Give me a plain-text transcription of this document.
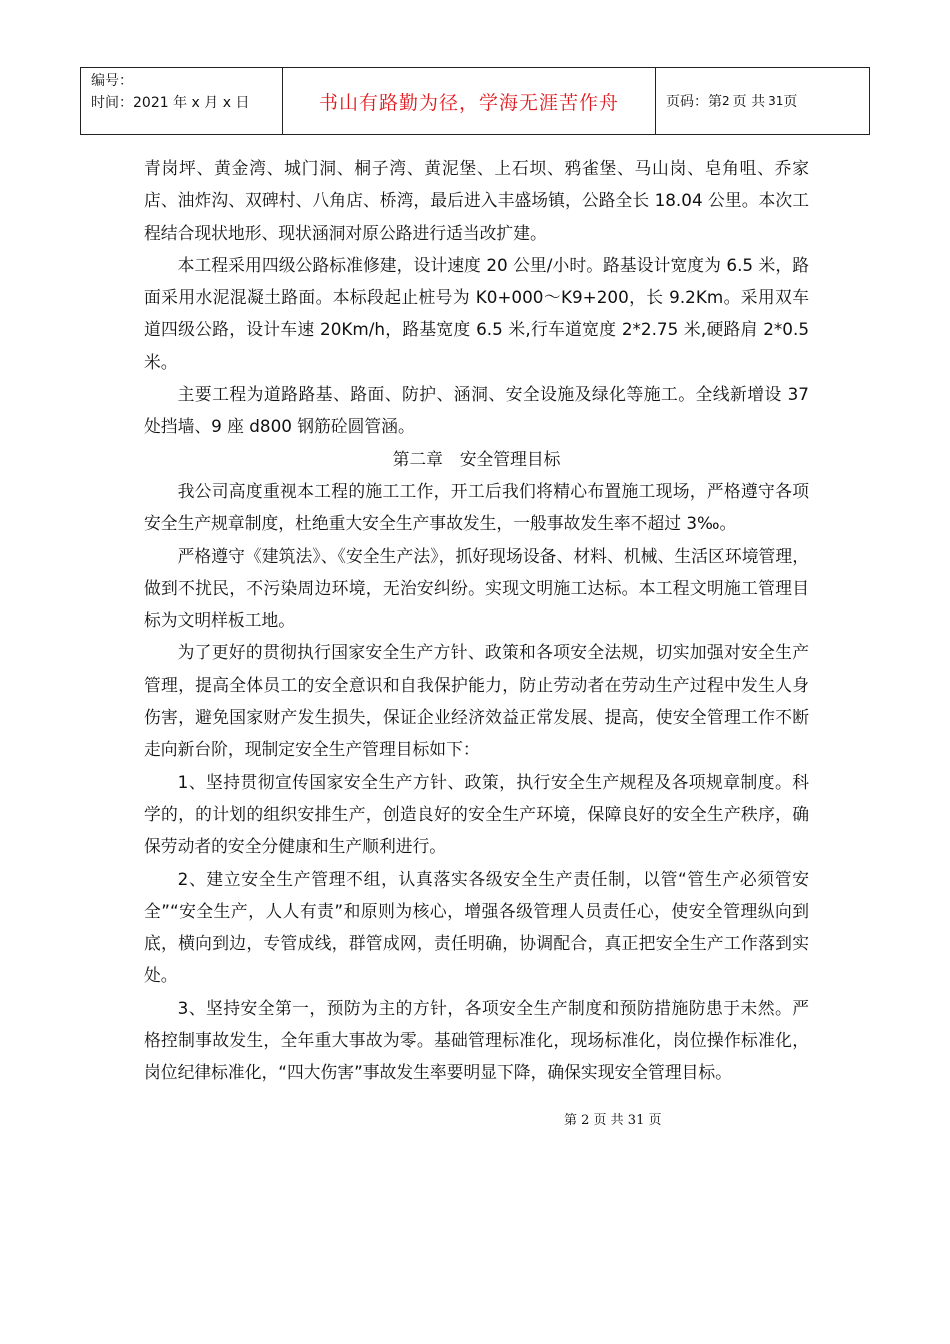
编号：
时间：2021 年 x 月 x 日	书山有路勤为径，学海无涯苦作舟	页码：第 2 页 共 31 页

青岗坪、黄金湾、城门洞、桐子湾、黄泥堡、上石坝、鸦雀堡、马山岗、皂角咀、乔家店、油炸沟、双碑村、八角店、桥湾，最后进入丰盛场镇，公路全长 18.04 公里。本次工程结合现状地形、现状涵洞对原公路进行适当改扩建。

本工程采用四级公路标准修建，设计速度 20 公里/小时。路基设计宽度为 6.5 米，路面采用水泥混凝土路面。本标段起止桩号为 K0+000～K9+200，长 9.2Km。采用双车道四级公路，设计车速 20Km/h，路基宽度 6.5 米,行车道宽度 2*2.75 米,硬路肩 2*0.5 米。

主要工程为道路路基、路面、防护、涵洞、安全设施及绿化等施工。全线新增设 37 处挡墙、9 座 d800 钢筋砼圆管涵。

第二章　安全管理目标

我公司高度重视本工程的施工工作，开工后我们将精心布置施工现场，严格遵守各项安全生产规章制度，杜绝重大安全生产事故发生，一般事故发生率不超过 3‰。

严格遵守《建筑法》、《安全生产法》，抓好现场设备、材料、机械、生活区环境管理，做到不扰民，不污染周边环境，无治安纠纷。实现文明施工达标。本工程文明施工管理目标为文明样板工地。

为了更好的贯彻执行国家安全生产方针、政策和各项安全法规，切实加强对安全生产管理，提高全体员工的安全意识和自我保护能力，防止劳动者在劳动生产过程中发生人身伤害，避免国家财产发生损失，保证企业经济效益正常发展、提高，使安全管理工作不断走向新台阶，现制定安全生产管理目标如下：

1、坚持贯彻宣传国家安全生产方针、政策，执行安全生产规程及各项规章制度。科学的，的计划的组织安排生产，创造良好的安全生产环境，保障良好的安全生产秩序，确保劳动者的安全分健康和生产顺利进行。

2、建立安全生产管理不组，认真落实各级安全生产责任制，以管“管生产必须管安全”“安全生产，人人有责”和原则为核心，增强各级管理人员责任心，使安全管理纵向到底，横向到边，专管成线，群管成网，责任明确，协调配合，真正把安全生产工作落到实处。

3、坚持安全第一，预防为主的方针，各项安全生产制度和预防措施防患于未然。严格控制事故发生，全年重大事故为零。基础管理标准化，现场标准化，岗位操作标准化，岗位纪律标准化，“四大伤害”事故发生率要明显下降，确保实现安全管理目标。

第 2 页 共 31 页
